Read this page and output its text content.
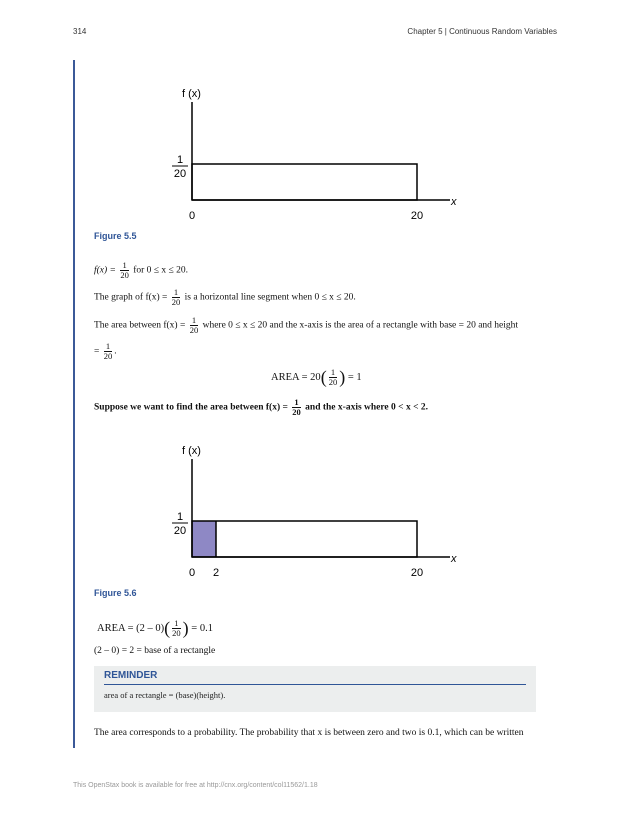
314	Chapter 5 | Continuous Random Variables
f (x)
x
1
20
0	20
Figure 5.5
$f(x) = \frac{1}{20}$ for 0 ≤ x ≤ 20.
The graph of $f(x) = \frac{1}{20}$ is a horizontal line segment when 0 ≤ x ≤ 20.
The area between $f(x) = \frac{1}{20}$ where 0 ≤ x ≤ 20 and the x-axis is the area of a rectangle with base = 20 and height
= $\frac{1}{20}$ .
AREA = $20( \frac{1}{20}$ ) = 1
Suppose we want to find the area between $f(x) = \frac{1}{20}$ and the x-axis where 0 < x < 2.
f (x)
x
1
20
0 2	20
Figure 5.6
AREA = $(2 - 0)( \frac{1}{20}$ ) = 0.1
(2 – 0) = 2 = base of a rectangle
REMINDER
area of a rectangle = (base)(height).
The area corresponds to a probability. The probability that x is between zero and two is 0.1, which can be written
This OpenStax book is available for free at http://cnx.org/content/col11562/1.18
